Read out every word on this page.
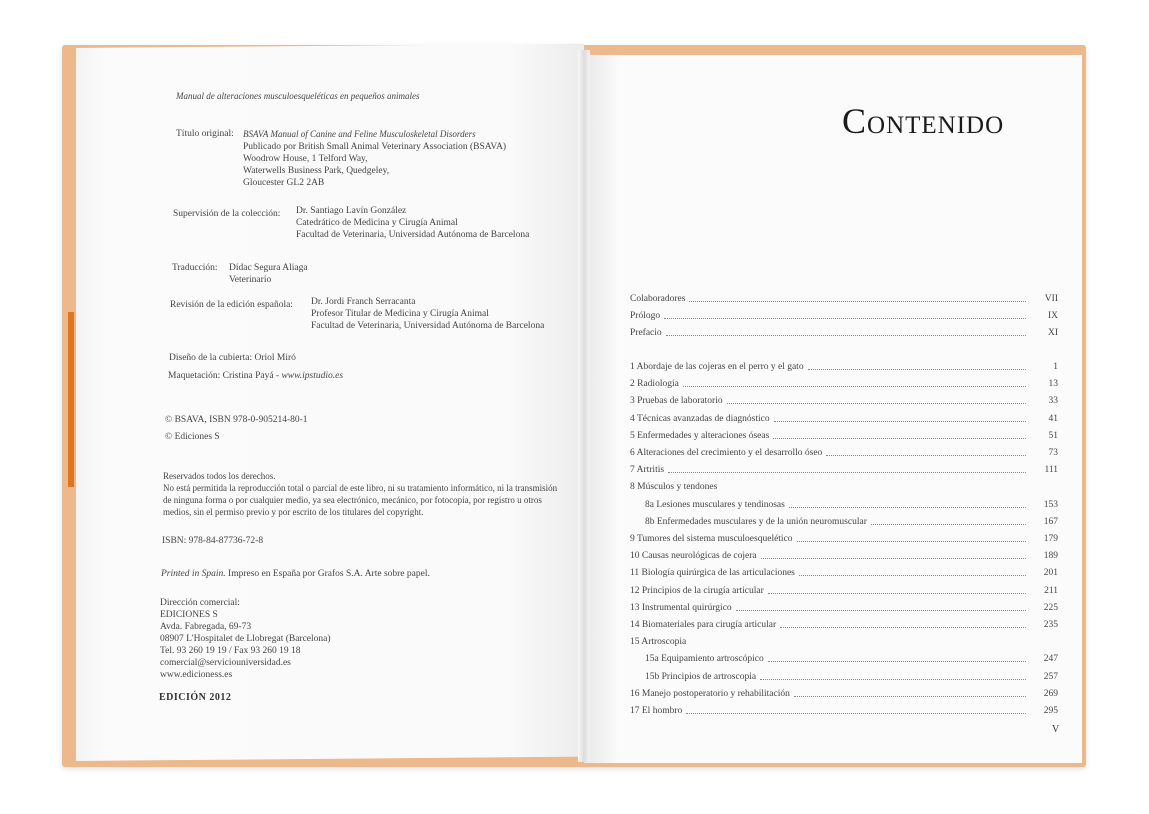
Manual de alteraciones musculoesqueléticas en pequeños animales
Título original: BSAVA Manual of Canine and Feline Musculoskeletal Disorders
Publicado por British Small Animal Veterinary Association (BSAVA)
Woodrow House, 1 Telford Way,
Waterwells Business Park, Quedgeley,
Gloucester GL2 2AB
Supervisión de la colección: Dr. Santiago Lavín González
Catedrático de Medicina y Cirugía Animal
Facultad de Veterinaria, Universidad Autónoma de Barcelona
Traducción: Dídac Segura Aliaga
Veterinario
Revisión de la edición española: Dr. Jordi Franch Serracanta
Profesor Titular de Medicina y Cirugía Animal
Facultad de Veterinaria, Universidad Autónoma de Barcelona
Diseño de la cubierta: Oriol Miró
Maquetación: Cristina Payá - www.ipstudio.es
© BSAVA, ISBN 978-0-905214-80-1
© Ediciones S
Reservados todos los derechos.
No está permitida la reproducción total o parcial de este libro, ni su tratamiento informático, ni la transmisión
de ninguna forma o por cualquier medio, ya sea electrónico, mecánico, por fotocopia, por registro u otros
medios, sin el permiso previo y por escrito de los titulares del copyright.
ISBN: 978-84-87736-72-8
Printed in Spain. Impreso en España por Grafos S.A. Arte sobre papel.
Dirección comercial:
EDICIONES S
Avda. Fabregada, 69-73
08907 L'Hospitalet de Llobregat (Barcelona)
Tel. 93 260 19 19 / Fax 93 260 19 18
comercial@serviciouniversidad.es
www.edicioness.es
EDICIÓN 2012
Contenido
Colaboradores	VII
Prólogo	IX
Prefacio	XI
1 Abordaje de las cojeras en el perro y el gato	1
2 Radiología	13
3 Pruebas de laboratorio	33
4 Técnicas avanzadas de diagnóstico	41
5 Enfermedades y alteraciones óseas	51
6 Alteraciones del crecimiento y el desarrollo óseo	73
7 Artritis	111
8 Músculos y tendones
8a Lesiones musculares y tendinosas	153
8b Enfermedades musculares y de la unión neuromuscular	167
9 Tumores del sistema musculoesquelético	179
10 Causas neurológicas de cojera	189
11 Biología quirúrgica de las articulaciones	201
12 Principios de la cirugía articular	211
13 Instrumental quirúrgico	225
14 Biomateriales para cirugía articular	235
15 Artroscopia
15a Equipamiento artroscópico	247
15b Principios de artroscopia	257
16 Manejo postoperatorio y rehabilitación	269
17 El hombro	295
V
